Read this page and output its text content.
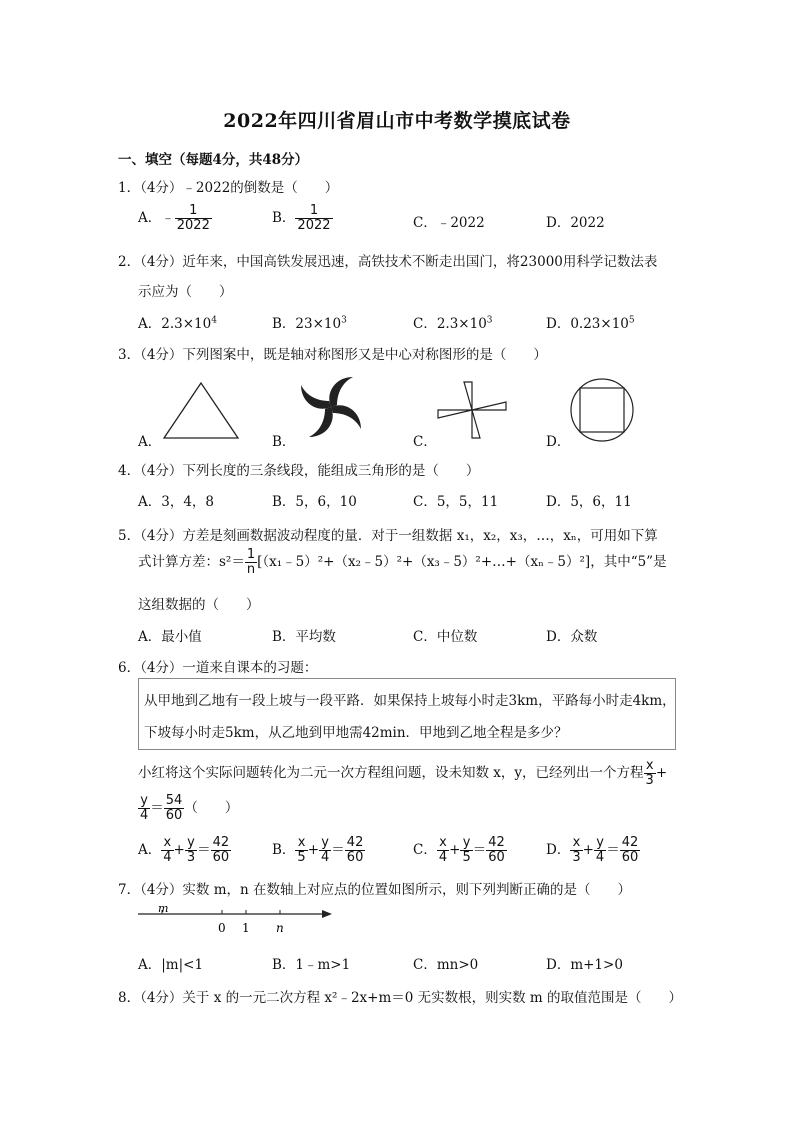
2022年四川省眉山市中考数学摸底试卷
一、填空（每题4分，共48分）
1．（4分）﹣2022的倒数是（　　）
A．﹣ $\frac{1}{2022}$	B． $\frac{1}{2022}$	C．﹣2022	D．2022
2．（4分）近年来，中国高铁发展迅速，高铁技术不断走出国门，将23000用科学记数法表
示应为（　　）
A．$2.3\times 10^4$	B．$23\times 10^3$	C．$2.3\times 10^3$	D．$0.23\times 10^5$
3．（4分）下列图案中，既是轴对称图形又是中心对称图形的是（　　）
A．	B．	C．	D．
4．（4分）下列长度的三条线段，能组成三角形的是（　　）
A．3，4，8	B．5，6，10	C．5，5，11	D．5，6，11
5．（4分）方差是刻画数据波动程度的量．对于一组数据 x₁，x₂，x₃，…，xₙ，可用如下算
式计算方差：$s^2= \frac{1}{n}$ [（x₁﹣5）²+（x₂﹣5）²+（x₃﹣5）²+…+（xₙ﹣5）²]，其中“5”是
这组数据的（　　）
A．最小值	B．平均数	C．中位数	D．众数
6．（4分）一道来自课本的习题：
从甲地到乙地有一段上坡与一段平路．如果保持上坡每小时走3km，平路每小时走4km，
下坡每小时走5km，从乙地到甲地需42min．甲地到乙地全程是多少？
小红将这个实际问题转化为二元一次方程组问题，设未知数 x，y，已经列出一个方程 $\frac{x}{3}$ +
$\frac{y}{4} = \frac{54}{60}$ （　　）
A． $\frac{x}{4} + \frac{y}{3} = \frac{42}{60}$	B． $\frac{x}{5} + \frac{y}{4} = \frac{42}{60}$	C． $\frac{x}{4} + \frac{y}{5} = \frac{42}{60}$	D． $\frac{x}{3} + \frac{y}{4} = \frac{42}{60}$
7．（4分）实数 m，n 在数轴上对应点的位置如图所示，则下列判断正确的是（　　）
m
0 1 n
A．|m|<1	B．1﹣m>1	C．mn>0	D．m+1>0
8．（4分）关于 x 的一元二次方程 x²﹣2x+m＝0 无实数根，则实数 m 的取值范围是（　　）
